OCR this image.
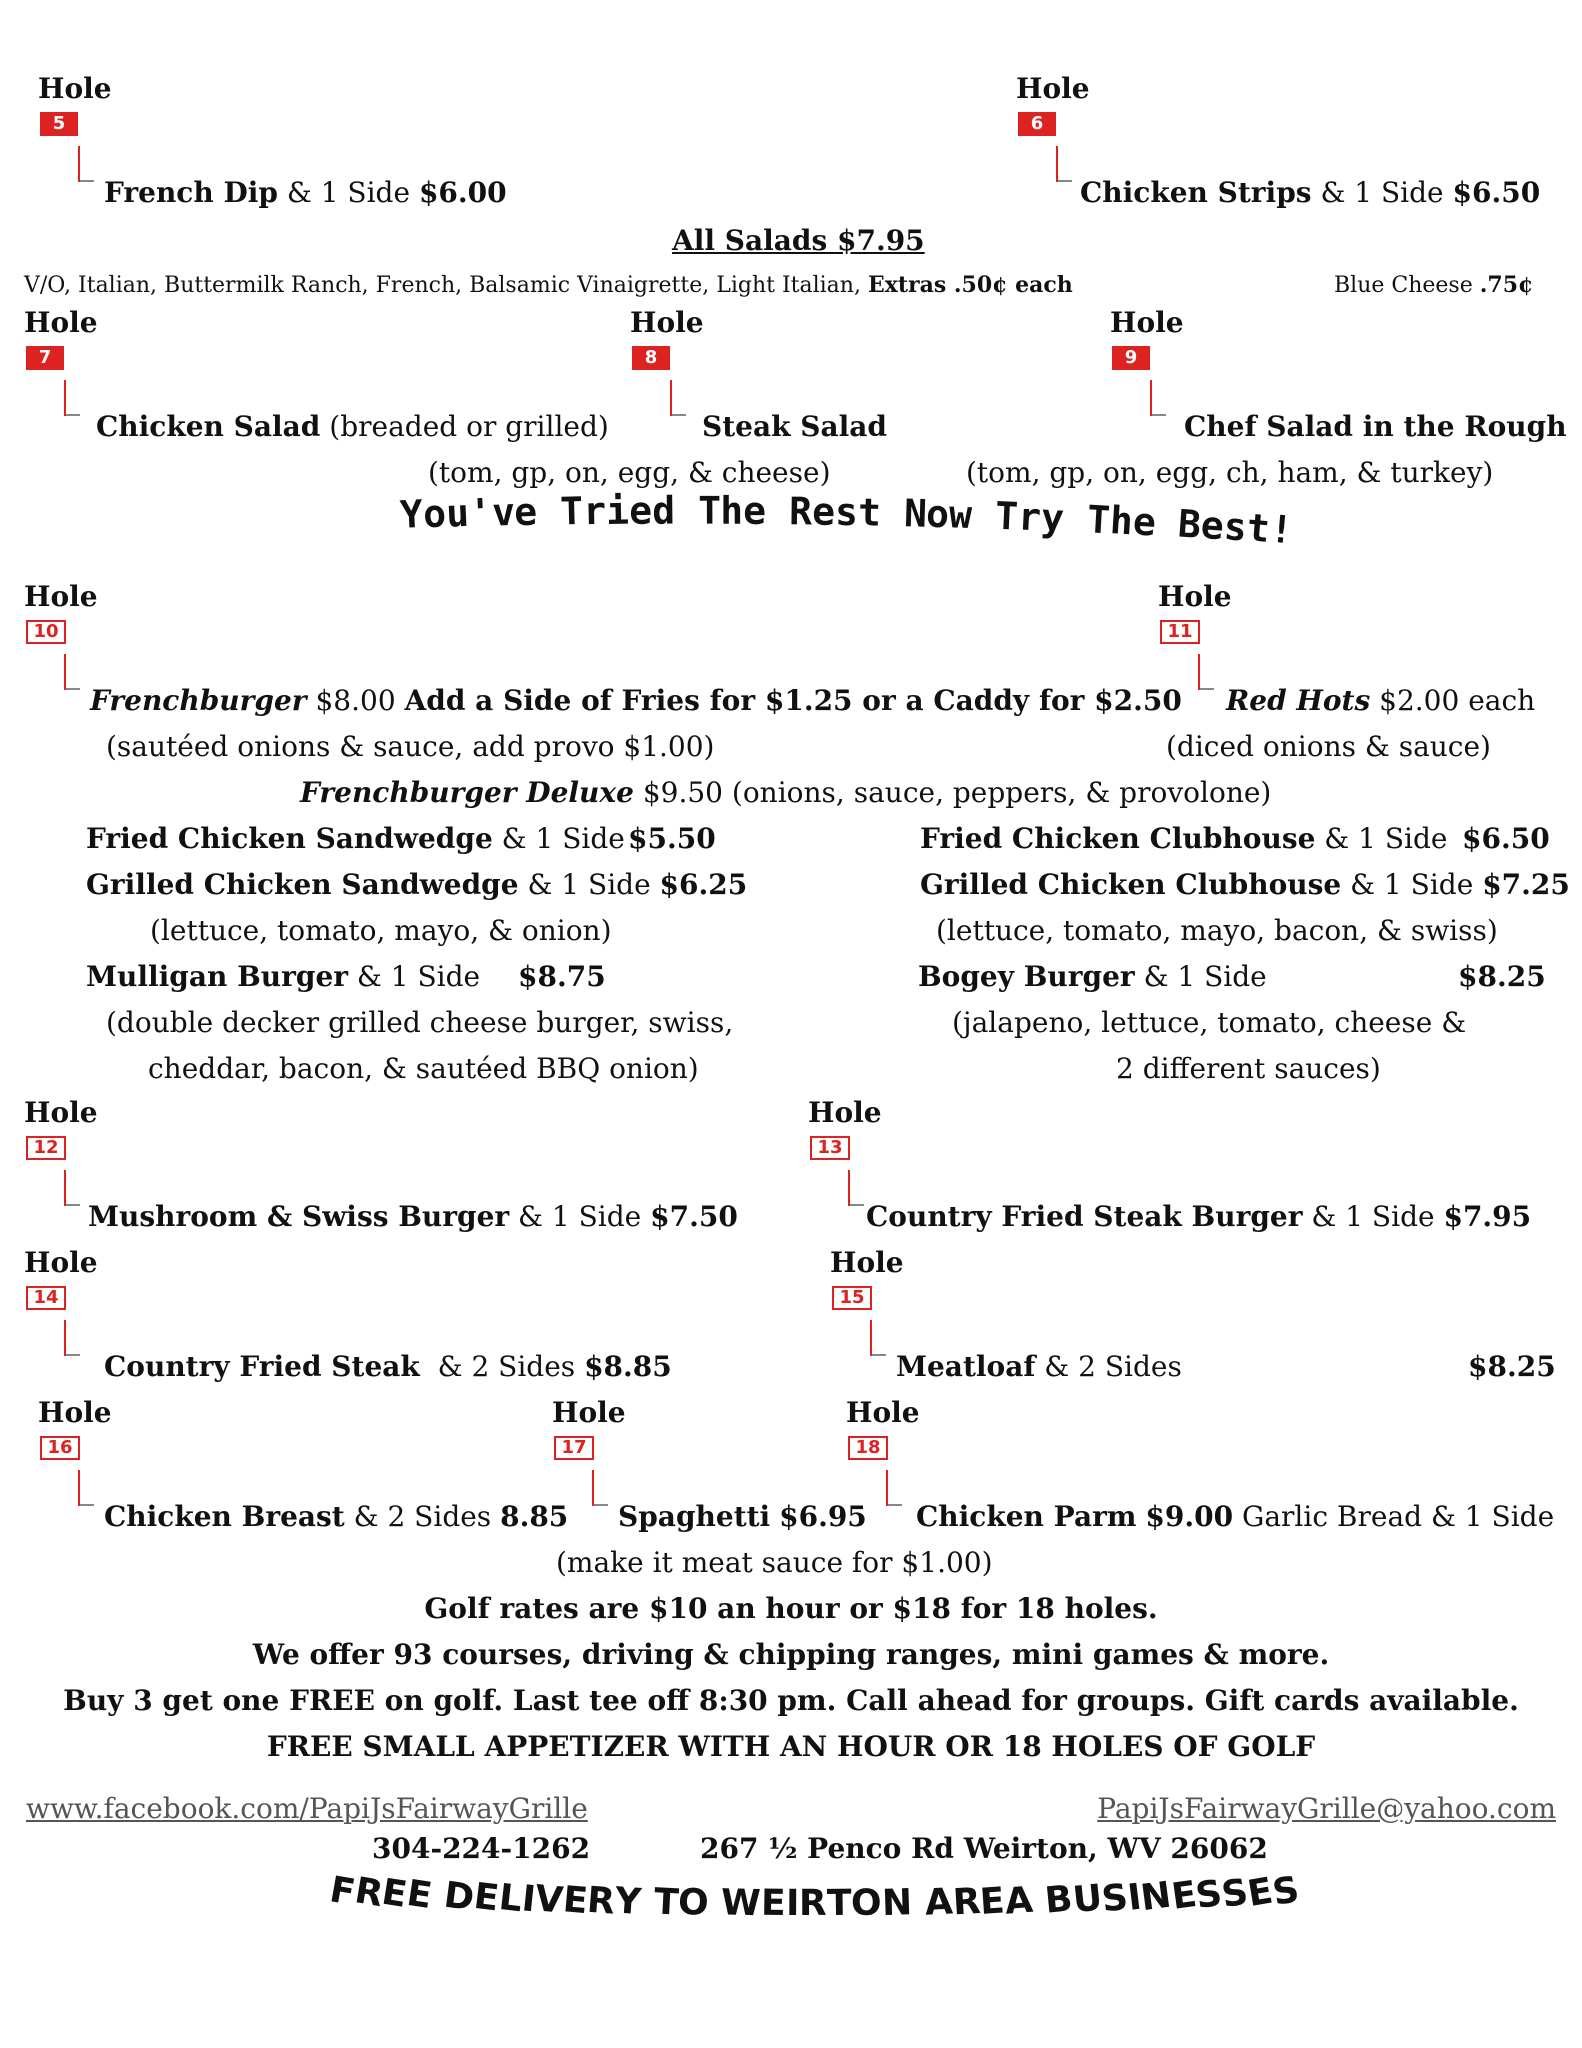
Hole
5
French Dip & 1 Side $6.00
Hole
6
Chicken Strips & 1 Side $6.50
All Salads $7.95
V/O, Italian, Buttermilk Ranch, French, Balsamic Vinaigrette, Light Italian, Extras .50¢ each	Blue Cheese .75¢
Hole
7
Chicken Salad (breaded or grilled)
Hole
8
Steak Salad
(tom, gp, on, egg, & cheese)
Hole
9
Chef Salad in the Rough
(tom, gp, on, egg, ch, ham, & turkey)
You've Tried The Rest Now Try The Best!
Hole
10
Frenchburger $8.00 Add a Side of Fries for $1.25 or a Caddy for $2.50
(sautéed onions & sauce, add provo $1.00)
Hole
11
Red Hots $2.00 each
(diced onions & sauce)
Frenchburger Deluxe $9.50 (onions, sauce, peppers, & provolone)
Fried Chicken Sandwedge & 1 Side $5.50
Grilled Chicken Sandwedge & 1 Side $6.25
(lettuce, tomato, mayo, & onion)
Fried Chicken Clubhouse & 1 Side $6.50
Grilled Chicken Clubhouse & 1 Side $7.25
(lettuce, tomato, mayo, bacon, & swiss)
Mulligan Burger & 1 Side $8.75
(double decker grilled cheese burger, swiss,
cheddar, bacon, & sautéed BBQ onion)
Bogey Burger & 1 Side	$8.25
(jalapeno, lettuce, tomato, cheese &
2 different sauces)
Hole
12
Mushroom & Swiss Burger & 1 Side $7.50
Hole
13
Country Fried Steak Burger & 1 Side $7.95
Hole
14
Country Fried Steak & 2 Sides $8.85
Hole
15
Meatloaf & 2 Sides	$8.25
Hole
16
Chicken Breast & 2 Sides 8.85
Hole
17
Spaghetti $6.95
(make it meat sauce for $1.00)
Hole
18
Chicken Parm $9.00 Garlic Bread & 1 Side
Golf rates are $10 an hour or $18 for 18 holes.
We offer 93 courses, driving & chipping ranges, mini games & more.
Buy 3 get one FREE on golf. Last tee off 8:30 pm. Call ahead for groups. Gift cards available.
FREE SMALL APPETIZER WITH AN HOUR OR 18 HOLES OF GOLF
www.facebook.com/PapiJsFairwayGrille	PapiJsFairwayGrille@yahoo.com
304-224-1262	267 ½ Penco Rd Weirton, WV 26062
FREE DELIVERY TO WEIRTON AREA BUSINESSES
